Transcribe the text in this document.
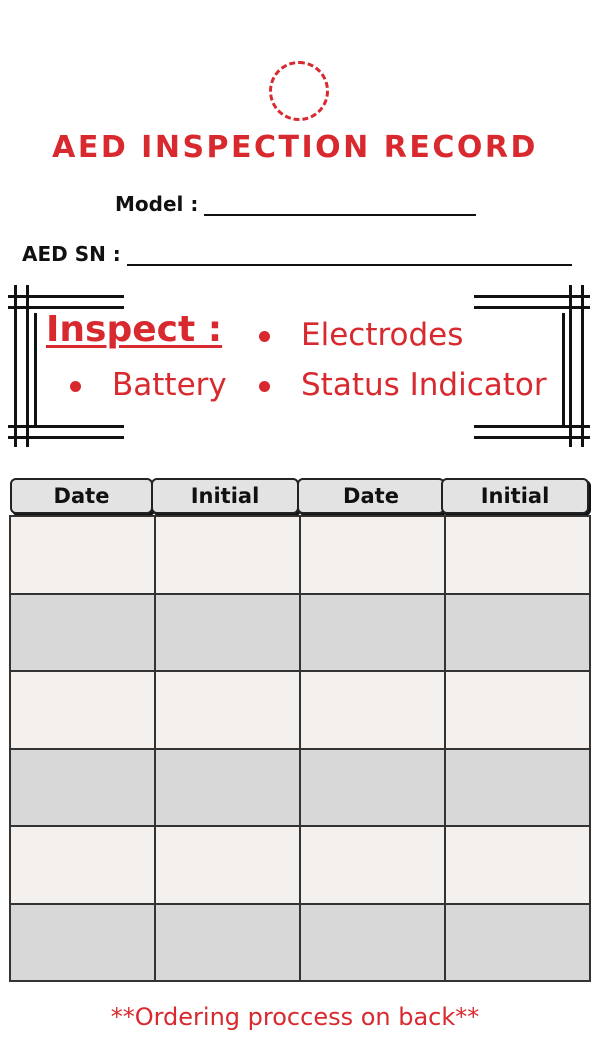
AED INSPECTION RECORD
Model :
AED SN :
Inspect :	Electrodes
Battery Status Indicator
Date	Initial	Date	Initial
**Ordering proccess on back**
